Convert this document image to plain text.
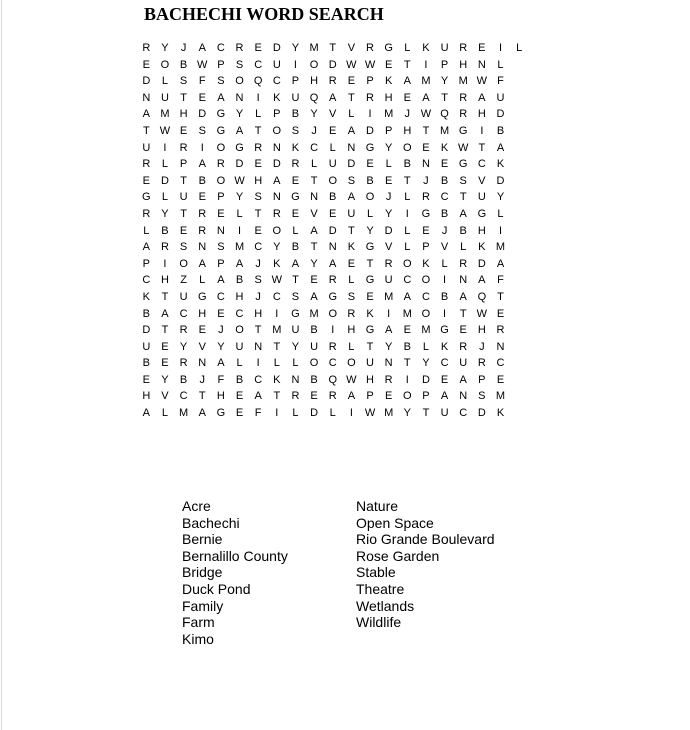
BACHECHI WORD SEARCH
R Y	J	A	C R E	D Y M T	V	R G	L	K	U R E	I	L
E O B W P	S	C U	I	O D W W E	T	I	P	H N	L
D	L	S	F	S O Q C P	H R E	P	K	A M Y M W F
N U	T	E	A	N	I	K	U Q A	T	R H E	A	T	R A	U
A M H D G Y	L	P	B	Y	V	L	I	M	J W Q R H D
T W E	S G A	T O S	J	E	A	D P	H	T M G	I	B
U	I	R	I	O G R N K	C	L	N G Y O E	K W T	A
R	L	P	A	R D E	D R	L	U D E	L	B	N E G C K
E	D	T	B O W H A	E	T O S	B	E	T	J	B	S	V	D
G	L	U E	P	Y	S	N G N B	A O	J	L	R C	T	U Y
R Y	T	R E	L	T	R E	V	E	U	L	Y	I	G B	A G	L
L	B	E	R N	I	E O	L	A	D	T	Y	D	L	E	J	B	H	I
A	R S	N S M C Y	B	T	N K G V	L	P	V	L	K M
P	I	O A	P	A	J	K	A	Y	A	E	T	R O K	L	R D A
C H	Z	L	A	B	S W T	E	R	L	G U C O	I	N A	F
K	T	U G C H	J	C S	A G S	E M A	C B	A Q	T
B	A	C H E	C H	I	G M O R K	I	M O	I	T W E
D	T	R E	J	O	T M U B	I	H G A	E M G E	H R
U E	Y	V	Y	U N	T	Y	U R	L	T	Y	B	L	K	R	J	N
B	E	R N A	L	I	L	L	O C O U N	T	Y	C U R C
E	Y	B	J	F	B	C K	N B Q W H R	I	D E	A	P	E
H V	C	T	H E	A	T	R E	R A	P	E O P	A	N S M
A	L	M A G E	F	I	L	D	L	I	W M Y	T	U C D K
Acre
Bachechi
Bernie
Bernalillo County
Bridge
Duck Pond
Family
Farm
Kimo
Nature
Open Space
Rio Grande Boulevard
Rose Garden
Stable
Theatre
Wetlands
Wildlife
